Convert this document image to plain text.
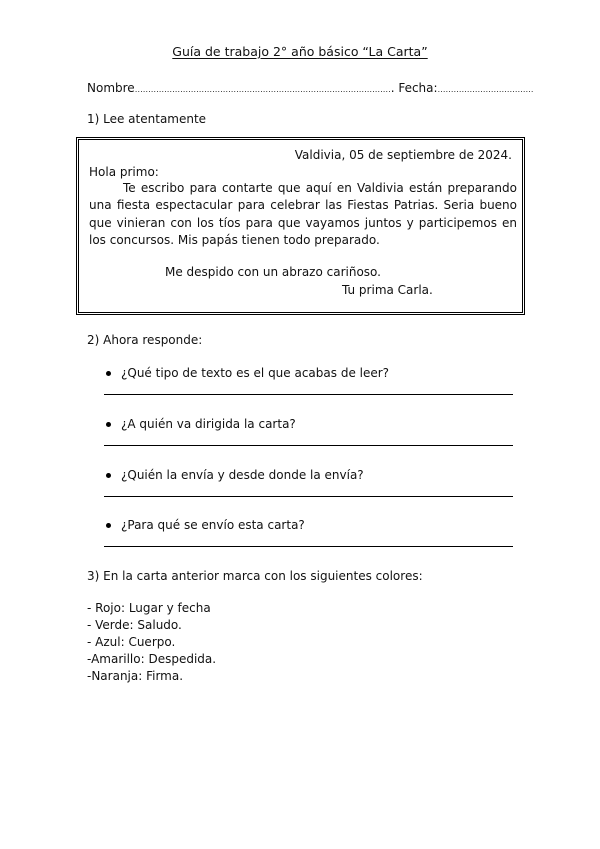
Guía de trabajo 2° año básico “La Carta”
Nombre……………………………………………………………………………………. Fecha:………………………………
1) Lee atentamente
Valdivia, 05 de septiembre de 2024.
Hola primo:
Te escribo para contarte que aquí en Valdivia están preparando una fiesta espectacular para celebrar las Fiestas Patrias. Seria bueno que vinieran con los tíos para que vayamos juntos y participemos en los concursos. Mis papás tienen todo preparado.
Me despido con un abrazo cariñoso.
Tu prima Carla.
2) Ahora responde:
¿Qué tipo de texto es el que acabas de leer?
¿A quién va dirigida la carta?
¿Quién la envía y desde donde la envía?
¿Para qué se envío esta carta?
3) En la carta anterior marca con los siguientes colores:
- Rojo: Lugar y fecha
- Verde: Saludo.
- Azul: Cuerpo.
-Amarillo: Despedida.
-Naranja: Firma.
